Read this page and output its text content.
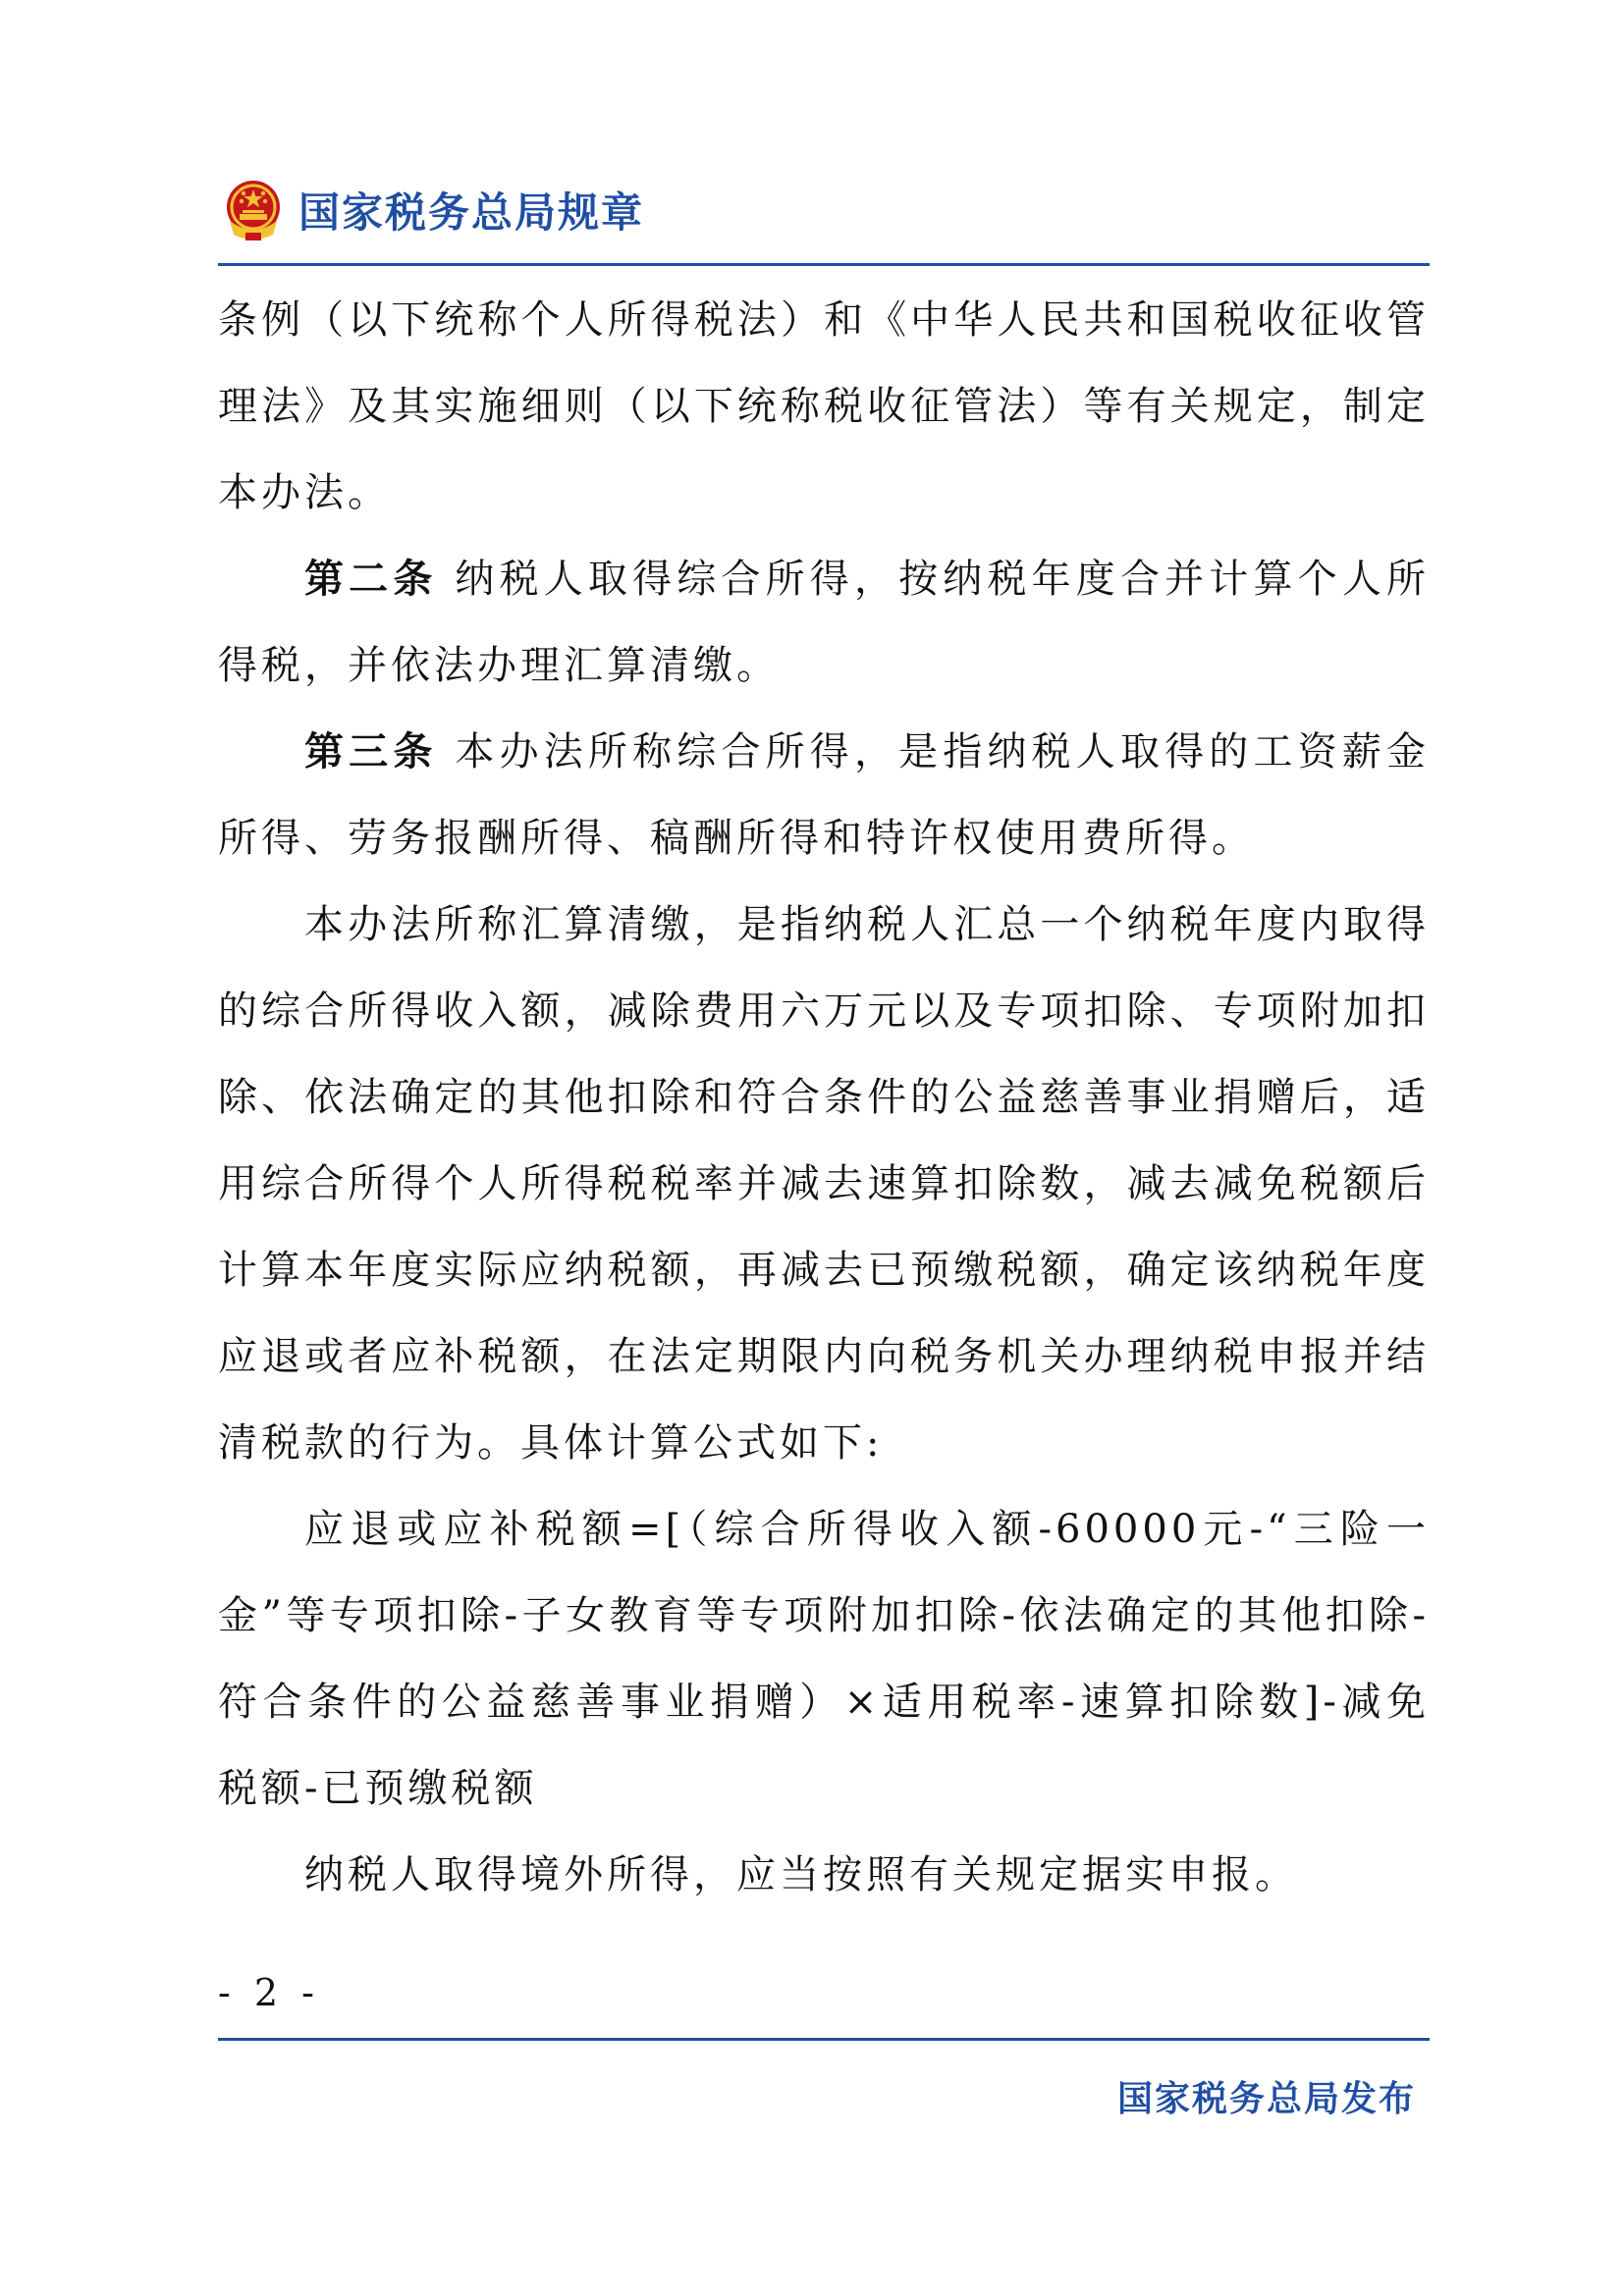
国家税务总局规章

条例（以下统称个人所得税法）和《中华人民共和国税收征收管理法》及其实施细则（以下统称税收征管法）等有关规定，制定本办法。

第二条 纳税人取得综合所得，按纳税年度合并计算个人所得税，并依法办理汇算清缴。

第三条 本办法所称综合所得，是指纳税人取得的工资薪金所得、劳务报酬所得、稿酬所得和特许权使用费所得。

本办法所称汇算清缴，是指纳税人汇总一个纳税年度内取得的综合所得收入额，减除费用六万元以及专项扣除、专项附加扣除、依法确定的其他扣除和符合条件的公益慈善事业捐赠后，适用综合所得个人所得税税率并减去速算扣除数，减去减免税额后计算本年度实际应纳税额，再减去已预缴税额，确定该纳税年度应退或者应补税额，在法定期限内向税务机关办理纳税申报并结清税款的行为。具体计算公式如下:

应退或应补税额=[（综合所得收入额-60000元-“三险一金”等专项扣除-子女教育等专项附加扣除-依法确定的其他扣除-符合条件的公益慈善事业捐赠）×适用税率-速算扣除数]-减免税额-已预缴税额

纳税人取得境外所得，应当按照有关规定据实申报。

- 2 -
国家税务总局发布
